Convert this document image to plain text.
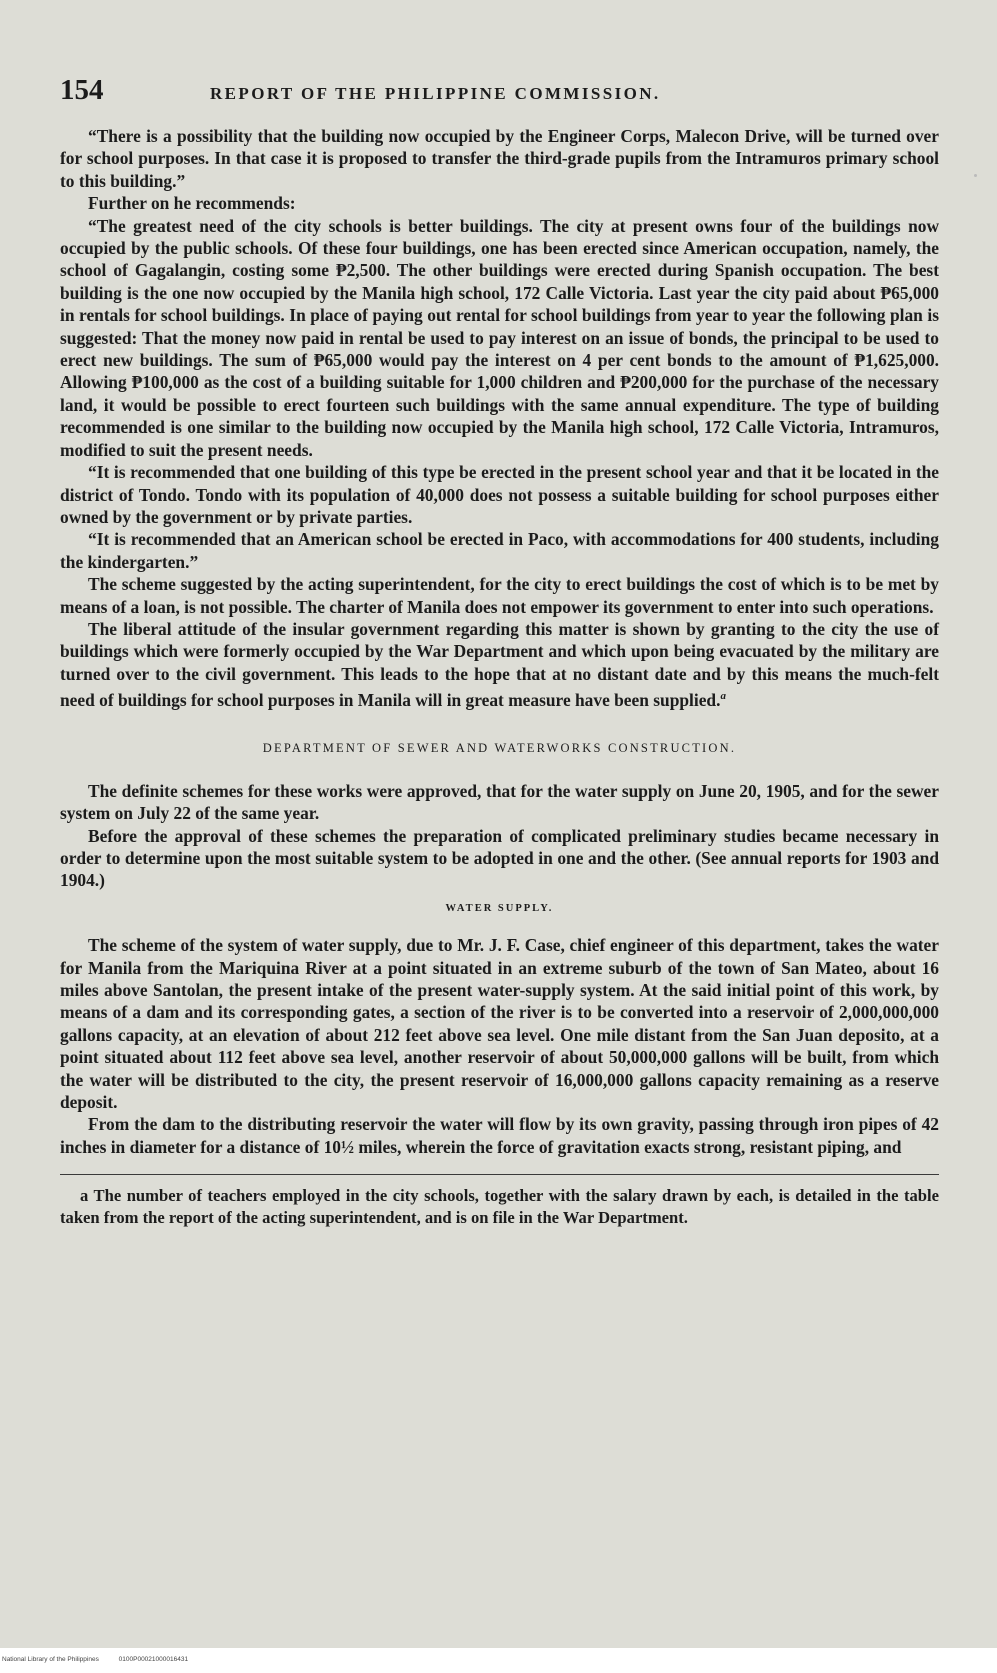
154	REPORT OF THE PHILIPPINE COMMISSION.

“There is a possibility that the building now occupied by the Engineer Corps, Malecon Drive, will be turned over for school purposes. In that case it is proposed to transfer the third-grade pupils from the Intramuros primary school to this building.”

Further on he recommends:

“The greatest need of the city schools is better buildings. The city at present owns four of the buildings now occupied by the public schools. Of these four buildings, one has been erected since American occupation, namely, the school of Gagalangin, costing some ₱2,500. The other buildings were erected during Spanish occupation. The best building is the one now occupied by the Manila high school, 172 Calle Victoria. Last year the city paid about ₱65,000 in rentals for school buildings. In place of paying out rental for school buildings from year to year the following plan is suggested: That the money now paid in rental be used to pay interest on an issue of bonds, the principal to be used to erect new buildings. The sum of ₱65,000 would pay the interest on 4 per cent bonds to the amount of ₱1,625,000. Allowing ₱100,000 as the cost of a building suitable for 1,000 children and ₱200,000 for the purchase of the necessary land, it would be possible to erect fourteen such buildings with the same annual expenditure. The type of building recommended is one similar to the building now occupied by the Manila high school, 172 Calle Victoria, Intramuros, modified to suit the present needs.

“It is recommended that one building of this type be erected in the present school year and that it be located in the district of Tondo. Tondo with its population of 40,000 does not possess a suitable building for school purposes either owned by the government or by private parties.

“It is recommended that an American school be erected in Paco, with accommodations for 400 students, including the kindergarten.”

The scheme suggested by the acting superintendent, for the city to erect buildings the cost of which is to be met by means of a loan, is not possible. The charter of Manila does not empower its government to enter into such operations.

The liberal attitude of the insular government regarding this matter is shown by granting to the city the use of buildings which were formerly occupied by the War Department and which upon being evacuated by the military are turned over to the civil government. This leads to the hope that at no distant date and by this means the much-felt need of buildings for school purposes in Manila will in great measure have been supplied.$^a$

DEPARTMENT OF SEWER AND WATERWORKS CONSTRUCTION.

The definite schemes for these works were approved, that for the water supply on June 20, 1905, and for the sewer system on July 22 of the same year.

Before the approval of these schemes the preparation of complicated preliminary studies became necessary in order to determine upon the most suitable system to be adopted in one and the other. (See annual reports for 1903 and 1904.)

WATER SUPPLY.

The scheme of the system of water supply, due to Mr. J. F. Case, chief engineer of this department, takes the water for Manila from the Mariquina River at a point situated in an extreme suburb of the town of San Mateo, about 16 miles above Santolan, the present intake of the present water-supply system. At the said initial point of this work, by means of a dam and its corresponding gates, a section of the river is to be converted into a reservoir of 2,000,000,000 gallons capacity, at an elevation of about 212 feet above sea level. One mile distant from the San Juan deposito, at a point situated about 112 feet above sea level, another reservoir of about 50,000,000 gallons will be built, from which the water will be distributed to the city, the present reservoir of 16,000,000 gallons capacity remaining as a reserve deposit.

From the dam to the distributing reservoir the water will flow by its own gravity, passing through iron pipes of 42 inches in diameter for a distance of 10½ miles, wherein the force of gravitation exacts strong, resistant piping, and

a The number of teachers employed in the city schools, together with the salary drawn by each, is detailed in the table taken from the report of the acting superintendent, and is on file in the War Department.

National Library of the Philippines	0100P00021000016431
